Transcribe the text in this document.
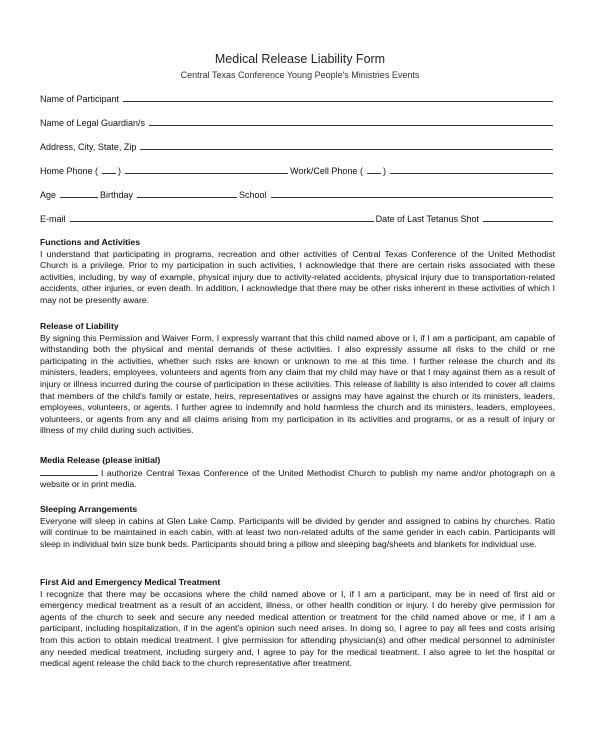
Medical Release Liability Form
Central Texas Conference Young People's Ministries Events
Name of Participant
Name of Legal Guardian/s
Address, City, State, Zip
Home Phone ( )	Work/Cell Phone ( )
Age	Birthday	School
E-mail	Date of Last Tetanus Shot
Functions and Activities
I understand that participating in programs, recreation and other activities of Central Texas Conference of the United Methodist Church is a privilege. Prior to my participation in such activities, I acknowledge that there are certain risks associated with these activities, including, by way of example, physical injury due to activity-related accidents, physical injury due to transportation-related accidents, other injuries, or even death. In addition, I acknowledge that there may be other risks inherent in these activities of which I may not be presently aware.
Release of Liability
By signing this Permission and Waiver Form, I expressly warrant that this child named above or I, if I am a participant, am capable of withstanding both the physical and mental demands of these activities. I also expressly assume all risks to the child or me participating in the activities, whether such risks are known or unknown to me at this time. I further release the church and its ministers, leaders, employees, volunteers and agents from any claim that my child may have or that I may against them as a result of injury or illness incurred during the course of participation in these activities. This release of liability is also intended to cover all claims that members of the child's family or estate, heirs, representatives or assigns may have against the church or its ministers, leaders, employees, volunteers, or agents. I further agree to indemnify and hold harmless the church and its ministers, leaders, employees, volunteers, or agents from any and all claims arising from my participation in its activities and programs, or as a result of injury or illness of my child during such activities.
Media Release (please initial)
I authorize Central Texas Conference of the United Methodist Church to publish my name and/or photograph on a website or in print media.
Sleeping Arrangements
Everyone will sleep in cabins at Glen Lake Camp. Participants will be divided by gender and assigned to cabins by churches. Ratio will continue to be maintained in each cabin, with at least two non-related adults of the same gender in each cabin. Participants will sleep in individual twin size bunk beds. Participants should bring a pillow and sleeping bag/sheets and blankets for individual use.
First Aid and Emergency Medical Treatment
I recognize that there may be occasions where the child named above or I, if I am a participant, may be in need of first aid or emergency medical treatment as a result of an accident, illness, or other health condition or injury. I do hereby give permission for agents of the church to seek and secure any needed medical attention or treatment for the child named above or me, if I am a participant, including hospitalization, if in the agent's opinion such need arises. In doing so, I agree to pay all fees and costs arising from this action to obtain medical treatment. I give permission for attending physician(s) and other medical personnel to administer any needed medical treatment, including surgery and, I agree to pay for the medical treatment. I also agree to let the hospital or medical agent release the child back to the church representative after treatment.
